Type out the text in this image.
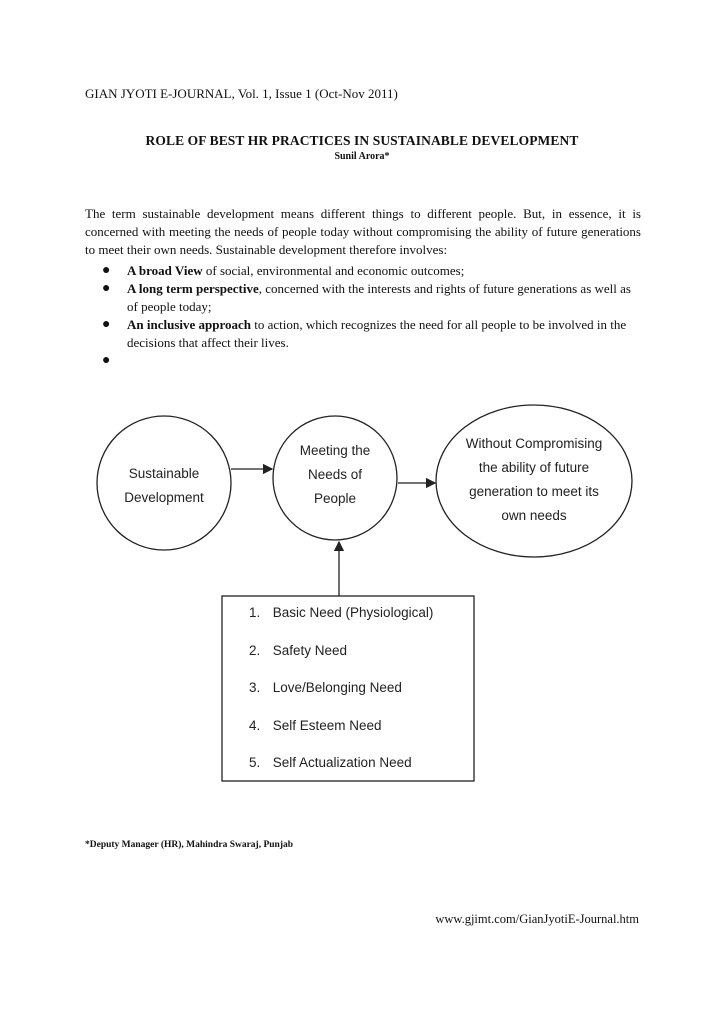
GIAN JYOTI E-JOURNAL, Vol. 1, Issue 1 (Oct-Nov 2011)
ROLE OF BEST HR PRACTICES IN SUSTAINABLE DEVELOPMENT
Sunil Arora*

The term sustainable development means different things to different people. But, in essence, it is concerned with meeting the needs of people today without compromising the ability of future generations to meet their own needs. Sustainable development therefore involves:

● A broad View of social, environmental and economic outcomes;
● A long term perspective, concerned with the interests and rights of future generations as well as of people today;
● An inclusive approach to action, which recognizes the need for all people to be involved in the decisions that affect their lives.
●

Sustainable
Development
Meeting the
Needs of
People
Without Compromising
the ability of future
generation to meet its
own needs
1. Basic Need (Physiological)
2. Safety Need
3. Love/Belonging Need
4. Self Esteem Need
5. Self Actualization Need
*Deputy Manager (HR), Mahindra Swaraj, Punjab
www.gjimt.com/GianJyotiE-Journal.htm
